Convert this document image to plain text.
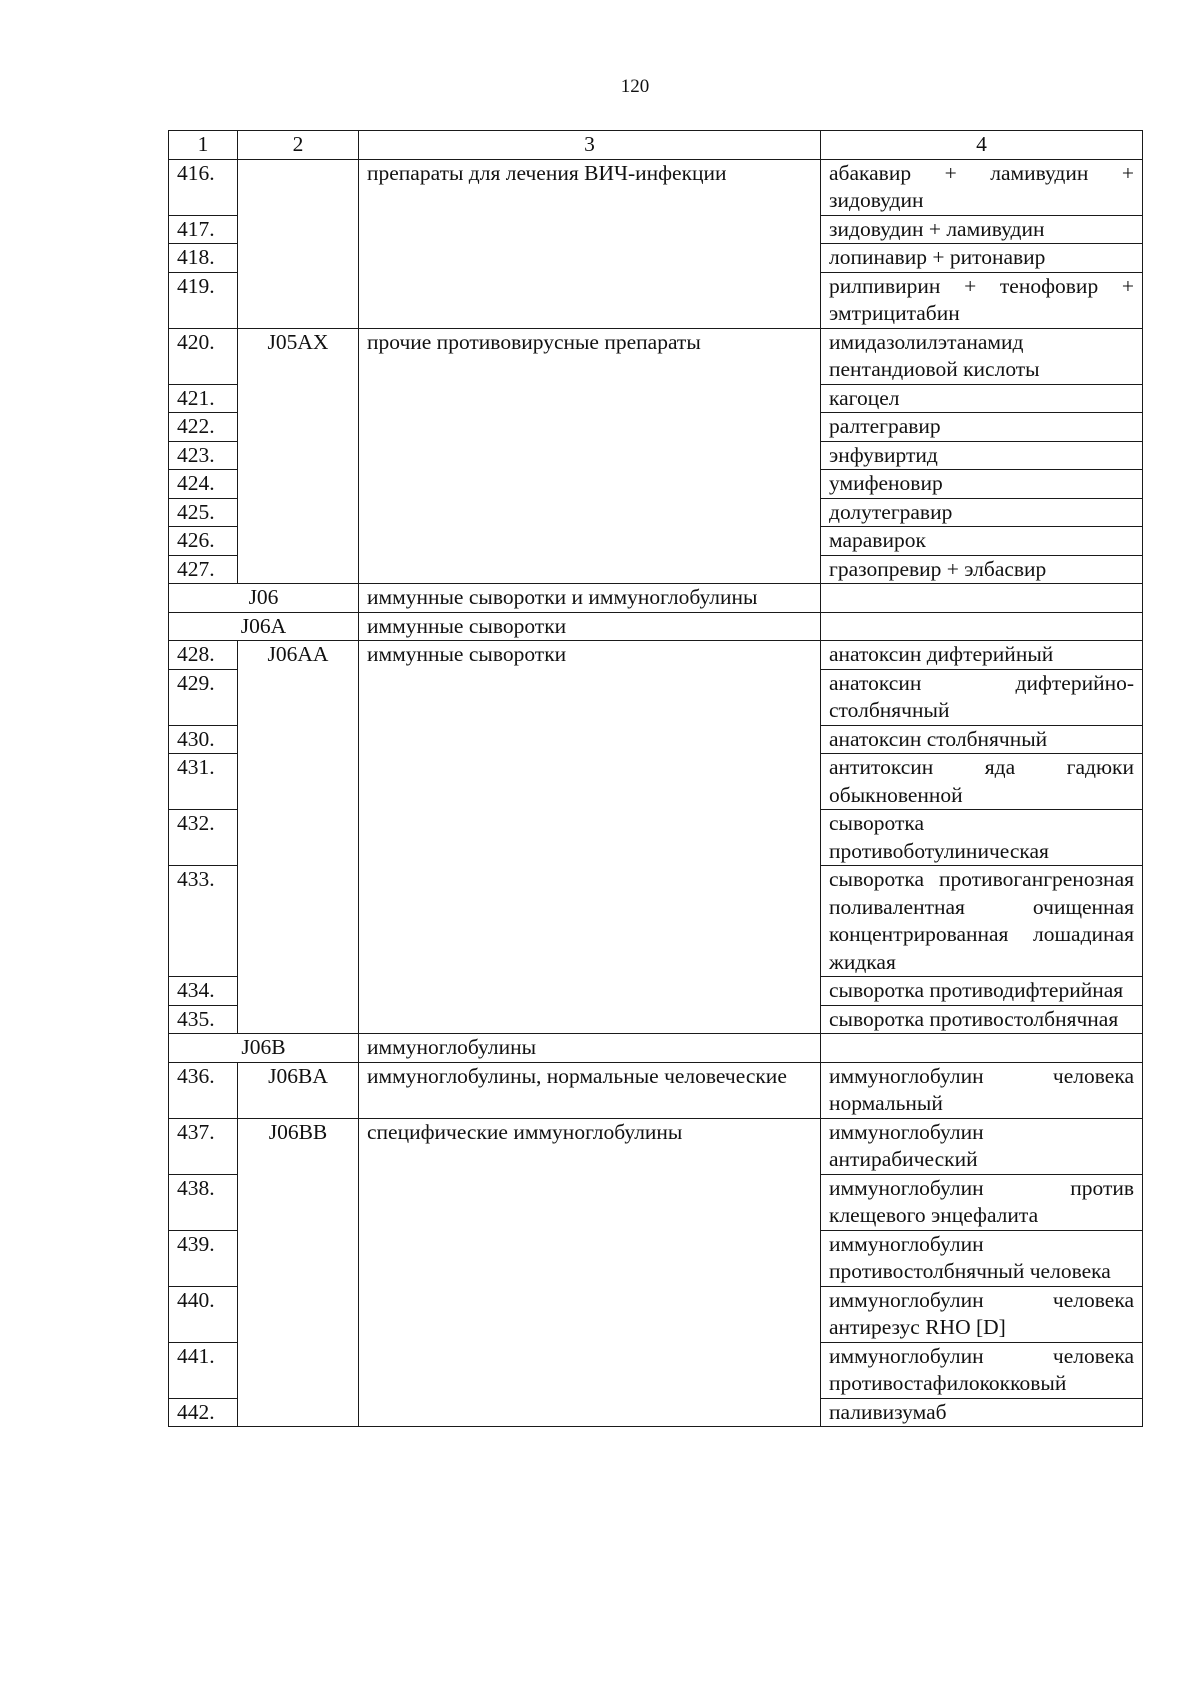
120
1	2	3	4
416.		препараты для лечения ВИЧ-инфекции	абакавир + ламивудин + зидовудин
417.			зидовудин + ламивудин
418.			лопинавир + ритонавир
419.			рилпивирин + тенофовир + эмтрицитабин
420.	J05AX	прочие противовирусные препараты	имидазолилэтанамид пентандиовой кислоты
421.			кагоцел
422.			ралтегравир
423.			энфувиртид
424.			умифеновир
425.			долутегравир
426.			маравирок
427.			гразопревир + элбасвир
J06		иммунные сыворотки и иммуноглобулины	
J06A		иммунные сыворотки	
428.	J06AA	иммунные сыворотки	анатоксин дифтерийный
429.			анатоксин дифтерийно-столбнячный
430.			анатоксин столбнячный
431.			антитоксин яда гадюки обыкновенной
432.			сыворотка противоботулиническая
433.			сыворотка противогангренозная поливалентная очищенная концентрированная лошадиная жидкая
434.			сыворотка противодифтерийная
435.			сыворотка противостолбнячная
J06B		иммуноглобулины	
436.	J06BA	иммуноглобулины, нормальные человеческие	иммуноглобулин человека нормальный
437.	J06BB	специфические иммуноглобулины	иммуноглобулин антирабический
438.			иммуноглобулин против клещевого энцефалита
439.			иммуноглобулин противостолбнячный человека
440.			иммуноглобулин человека антирезус RHO [D]
441.			иммуноглобулин человека противостафилококковый
442.			паливизумаб
